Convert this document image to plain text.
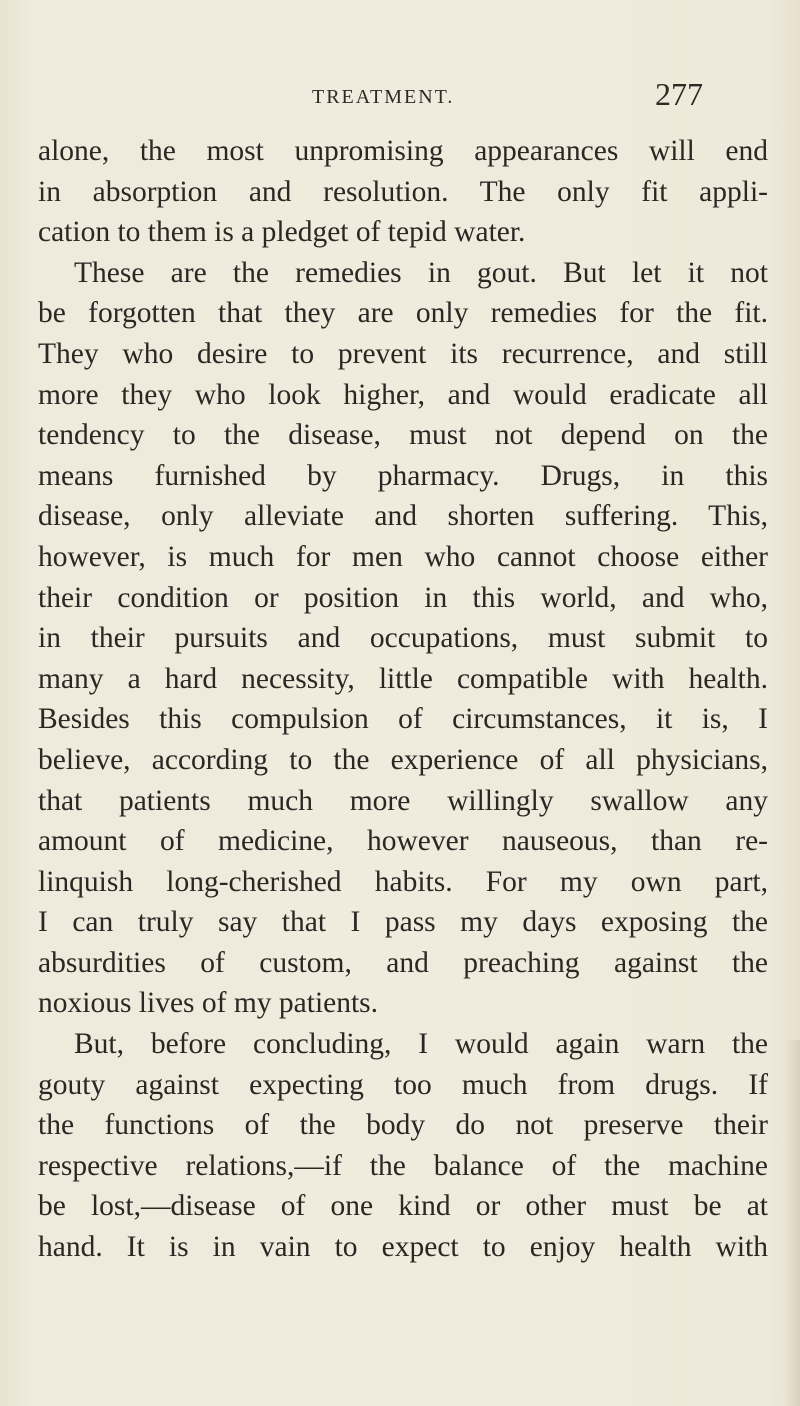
TREATMENT.	277
alone, the most unpromising appearances will end
in absorption and resolution. The only fit appli-
cation to them is a pledget of tepid water.
These are the remedies in gout. But let it not
be forgotten that they are only remedies for the fit.
They who desire to prevent its recurrence, and still
more they who look higher, and would eradicate all
tendency to the disease, must not depend on the
means furnished by pharmacy. Drugs, in this
disease, only alleviate and shorten suffering. This,
however, is much for men who cannot choose either
their condition or position in this world, and who,
in their pursuits and occupations, must submit to
many a hard necessity, little compatible with health.
Besides this compulsion of circumstances, it is, I
believe, according to the experience of all physicians,
that patients much more willingly swallow any
amount of medicine, however nauseous, than re-
linquish long-cherished habits. For my own part,
I can truly say that I pass my days exposing the
absurdities of custom, and preaching against the
noxious lives of my patients.
But, before concluding, I would again warn the
gouty against expecting too much from drugs. If
the functions of the body do not preserve their
respective relations,—if the balance of the machine
be lost,—disease of one kind or other must be at
hand. It is in vain to expect to enjoy health with
